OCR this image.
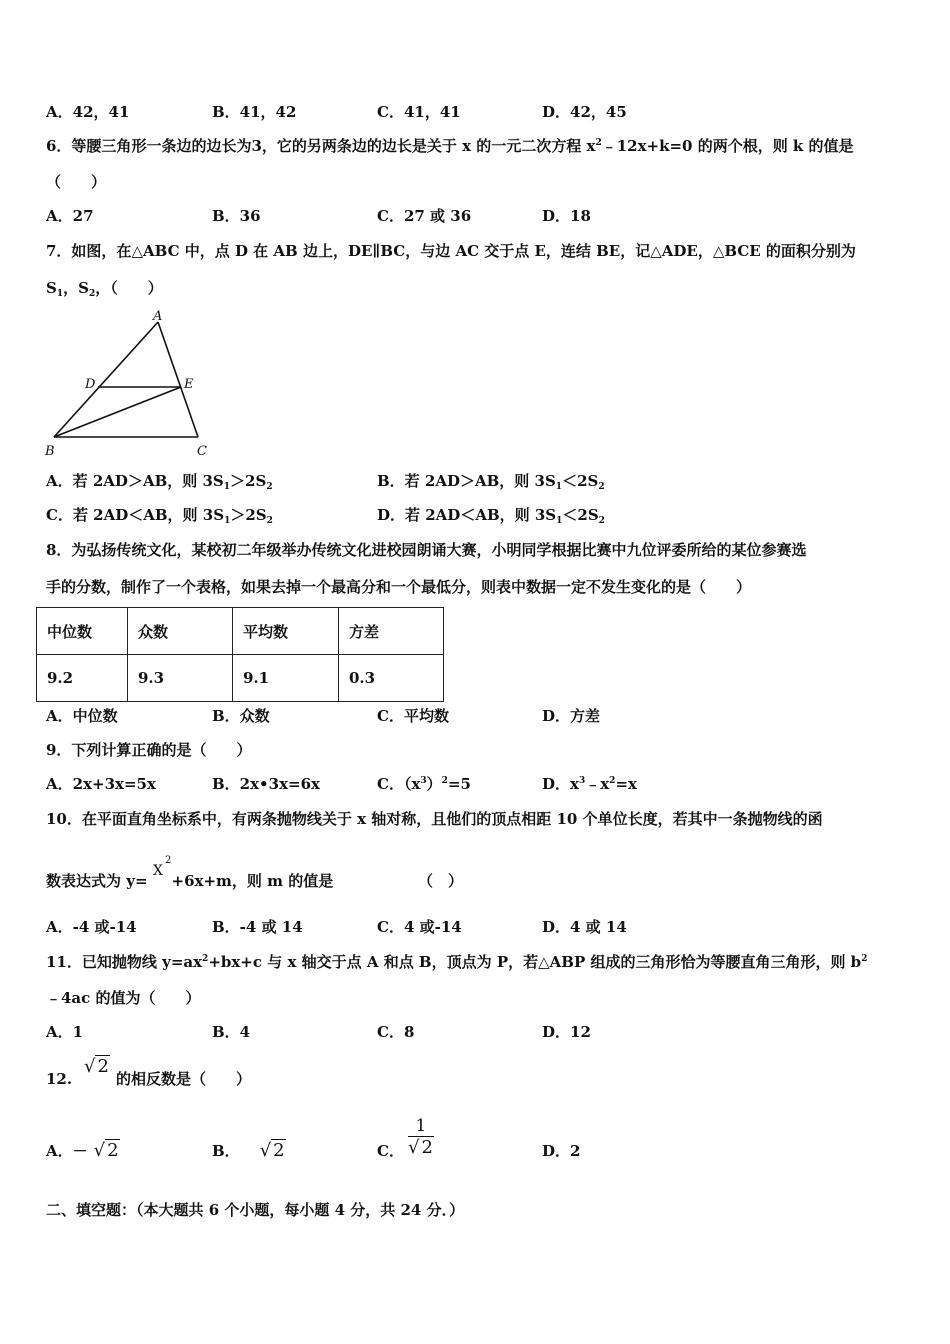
A．42，41	B．41，42	C．41，41	D．42，45
6．等腰三角形一条边的边长为3，它的另两条边的边长是关于 x 的一元二次方程 $x^2﹣12x+k=0$ 的两个根，则 k 的值是
（　　）
A．27	B．36	C．27 或 36	D．18
7．如图，在△ABC 中，点 D 在 AB 边上，DE∥BC，与边 AC 交于点 E，连结 BE，记△ADE，△BCE 的面积分别为
$S_1$，$S_2$，（　　）
A
D	E
B	C
A．若 2AD＞AB，则 $3S_1>2S_2$	B．若 2AD＞AB，则 $3S_1<2S_2$
C．若 2AD＜AB，则 $3S_1>2S_2$	D．若 2AD＜AB，则 $3S_1<2S_2$
8．为弘扬传统文化，某校初二年级举办传统文化进校园朗诵大赛，小明同学根据比赛中九位评委所给的某位参赛选
手的分数，制作了一个表格，如果去掉一个最高分和一个最低分，则表中数据一定不发生变化的是（　　）
中位数	众数	平均数	方差
9.2	9.3	9.1	0.3
A．中位数	B．众数	C．平均数	D．方差
9．下列计算正确的是（　　）
A．2x+3x=5x	B．2x•3x=6x	C．$(x^3)^2=5$	D．$x^3﹣x^2=x$
10．在平面直角坐标系中，有两条抛物线关于 x 轴对称，且他们的顶点相距 10 个单位长度，若其中一条抛物线的函
数表达式为 y= +6x+m，则 m 的值是
X
2
（　）
A．-4 或-14	B．-4 或 14	C．4 或-14	D．4 或 14
11．已知抛物线 $y=ax^2+bx+c$ 与 x 轴交于点 A 和点 B，顶点为 P，若△ABP 组成的三角形恰为等腰直角三角形，则 $b^2$
﹣4ac 的值为（　　）
A．1	B．4	C．8	D．12
12.
√ 2
的相反数是（　　）
A．－ √ 2	B． √ 2	C． $\frac{1}{√ 2}$	D．2
二、填空题：（本大题共 6 个小题，每小题 4 分，共 24 分．）
